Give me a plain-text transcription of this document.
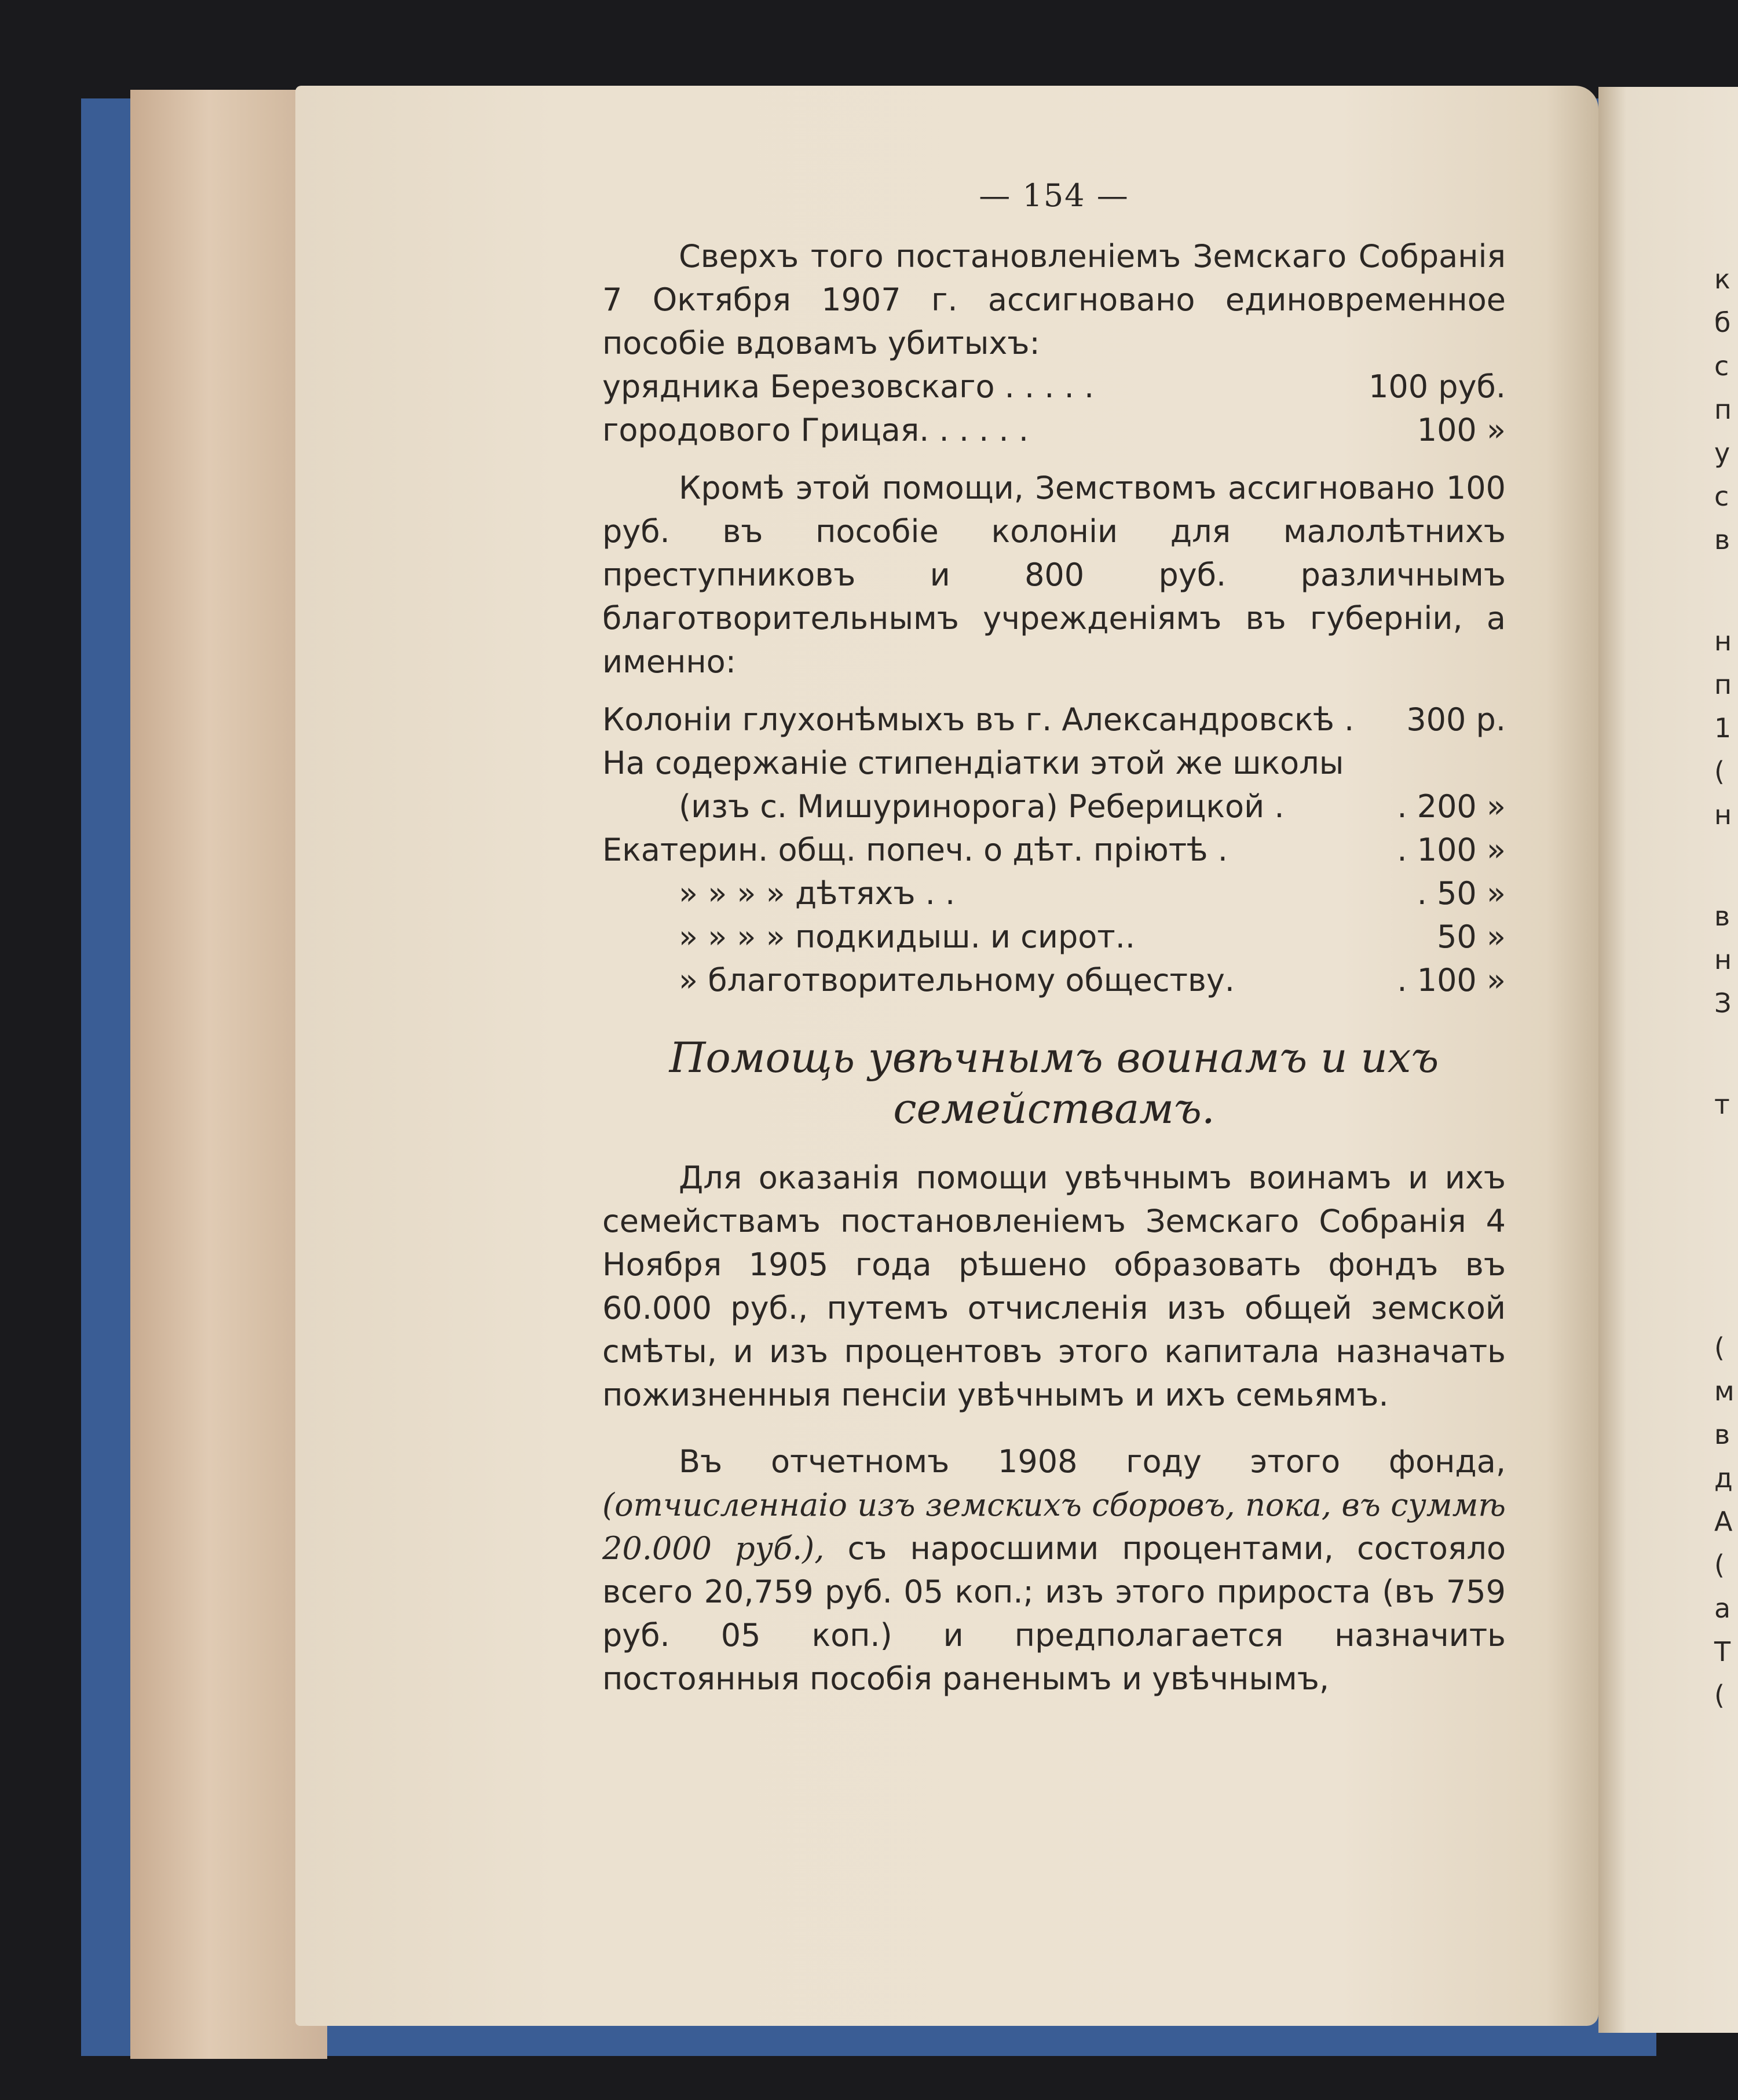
— 154 —

Сверхъ того постановленіемъ Земскаго Собранія 7 Октября 1907 г. ассигновано единовременное пособіе вдовамъ убитыхъ:

урядника Березовскаго . . . . .	100 руб.
городового Грицая. . . . . .	100 »

Кромѣ этой помощи, Земствомъ ассигновано 100 руб. въ пособіе колоніи для малолѣтнихъ преступниковъ и 800 руб. различнымъ благотворительнымъ учрежденіямъ въ губерніи, а именно:

Колоніи глухонѣмыхъ въ г. Александровскѣ .	300 р.
На содержаніе стипендіатки этой же школы
(изъ с. Мишуринорога) Реберицкой .	. 200 »
Екатерин. общ. попеч. о дѣт. пріютѣ .	. 100 »
» » » » дѣтяхъ . .	. 50 »
» » » » подкидыш. и сирот..	50 »
» благотворительному обществу.	. 100 »
Помощь увѣчнымъ воинамъ и ихъ
семействамъ.

Для оказанія помощи увѣчнымъ воинамъ и ихъ семействамъ постановленіемъ Земскаго Собранія 4 Ноября 1905 года рѣшено образовать фондъ въ 60.000 руб., путемъ отчисленія изъ общей земской смѣты, и изъ процентовъ этого капитала назначать пожизненныя пенсіи увѣчнымъ и ихъ семьямъ.

Въ отчетномъ 1908 году этого фонда, (отчисленнаіо изъ земскихъ сборовъ, пока, въ суммѣ 20.000 руб.), съ наросшими процентами, состояло всего 20,759 руб. 05 коп.; изъ этого прироста (въ 759 руб. 05 коп.) и предполагается назначить постоянныя пособія раненымъ и увѣчнымъ,

к
б
с
п
у
с
в
н
п
1
(
н
в
н
З
т
(
м
в
д
А
(
а
Т
(
